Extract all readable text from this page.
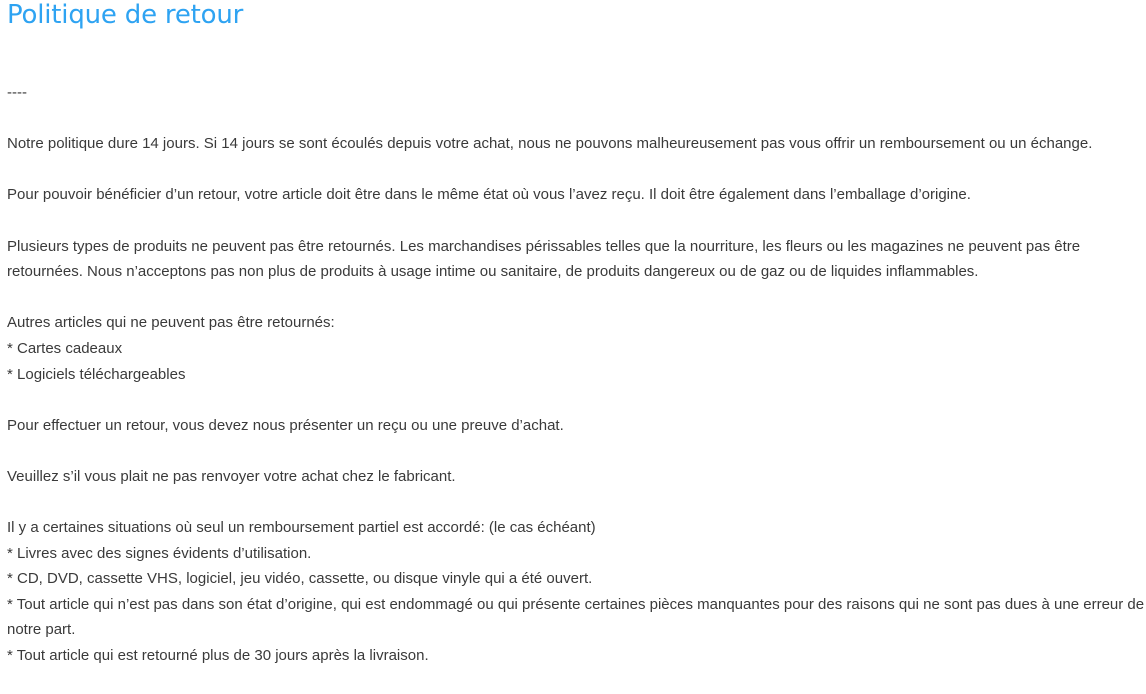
Politique de retour

----

Notre politique dure 14 jours. Si 14 jours se sont écoulés depuis votre achat, nous ne pouvons malheureusement pas vous offrir un remboursement ou un échange.

Pour pouvoir bénéficier d’un retour, votre article doit être dans le même état où vous l’avez reçu. Il doit être également dans l’emballage d’origine.

Plusieurs types de produits ne peuvent pas être retournés. Les marchandises périssables telles que la nourriture, les fleurs ou les magazines ne peuvent pas être retournées. Nous n’acceptons pas non plus de produits à usage intime ou sanitaire, de produits dangereux ou de gaz ou de liquides inflammables.

Autres articles qui ne peuvent pas être retournés:
* Cartes cadeaux
* Logiciels téléchargeables

Pour effectuer un retour, vous devez nous présenter un reçu ou une preuve d’achat.

Veuillez s’il vous plait ne pas renvoyer votre achat chez le fabricant.

Il y a certaines situations où seul un remboursement partiel est accordé: (le cas échéant)
* Livres avec des signes évidents d’utilisation.
* CD, DVD, cassette VHS, logiciel, jeu vidéo, cassette, ou disque vinyle qui a été ouvert.
* Tout article qui n’est pas dans son état d’origine, qui est endommagé ou qui présente certaines pièces manquantes pour des raisons qui ne sont pas dues à une erreur de notre part.
* Tout article qui est retourné plus de 30 jours après la livraison.
